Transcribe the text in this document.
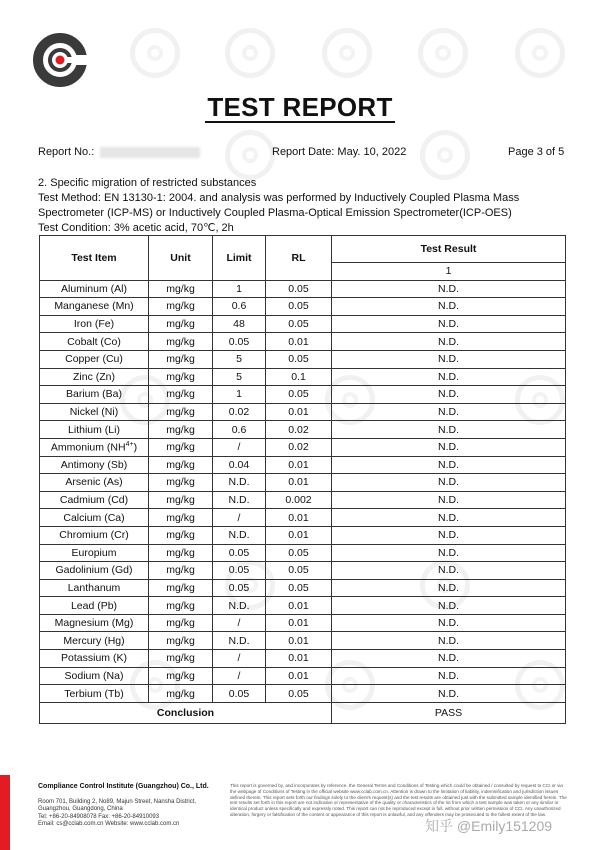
TEST REPORT
Report No.:	Report Date: May. 10, 2022	Page 3 of 5
2. Specific migration of restricted substances
Test Method: EN 13130-1: 2004. and analysis was performed by Inductively Coupled Plasma Mass Spectrometer (ICP-MS) or Inductively Coupled Plasma-Optical Emission Spectrometer(ICP-OES)
Test Condition: 3% acetic acid, 70℃, 2h
Test Item	Unit	Limit	RL	Test Result
				1
Aluminum (Al)	mg/kg	1	0.05	N.D.
Manganese (Mn)	mg/kg	0.6	0.05	N.D.
Iron (Fe)	mg/kg	48	0.05	N.D.
Cobalt (Co)	mg/kg	0.05	0.01	N.D.
Copper (Cu)	mg/kg	5	0.05	N.D.
Zinc (Zn)	mg/kg	5	0.1	N.D.
Barium (Ba)	mg/kg	1	0.05	N.D.
Nickel (Ni)	mg/kg	0.02	0.01	N.D.
Lithium (Li)	mg/kg	0.6	0.02	N.D.
Ammonium $(NH^{4+})$	mg/kg	/	0.02	N.D.
Antimony (Sb)	mg/kg	0.04	0.01	N.D.
Arsenic (As)	mg/kg	N.D.	0.01	N.D.
Cadmium (Cd)	mg/kg	N.D.	0.002	N.D.
Calcium (Ca)	mg/kg	/	0.01	N.D.
Chromium (Cr)	mg/kg	N.D.	0.01	N.D.
Europium	mg/kg	0.05	0.05	N.D.
Gadolinium (Gd)	mg/kg	0.05	0.05	N.D.
Lanthanum	mg/kg	0.05	0.05	N.D.
Lead (Pb)	mg/kg	N.D.	0.01	N.D.
Magnesium (Mg)	mg/kg	/	0.01	N.D.
Mercury (Hg)	mg/kg	N.D.	0.01	N.D.
Potassium (K)	mg/kg	/	0.01	N.D.
Sodium (Na)	mg/kg	/	0.01	N.D.
Terbium (Tb)	mg/kg	0.05	0.05	N.D.
Conclusion				PASS
Compliance Control Institute (Guangzhou) Co., Ltd.
Room 701, Building 2, No89, Majun Street, Nansha District, Guangzhou, Guangdong, China
Tel: +86-20-84908078 Fax: +86-20-84910093
Email: cs@cclab.com.cn Website: www.cclab.com.cn
This report is governed by, and incorporates by reference, the General Terms and Conditions of Testing which could be obtained / consulted by request to CCI or via the webpage of Conditions of Testing in the official website www.cclab.com.cn. Attention is drawn to the limitation of liability, indemnification and jurisdiction issues defined therein. This report sets forth our findings solely to the client's request(s) and the test results are obtained just with the submitted sample identified herein. The test results set forth in this report are not indicative or representative of the quality or characteristics of the lot from which a test sample was taken or any similar or identical product unless specifically and expressly noted. This report can not be reproduced except in full, without prior written permission of CCI. Any unauthorized alteration, forgery or falsification of the content or appearance of this report is unlawful, and any offenders may be prosecuted to the fullest extent of the law.
知乎 @Emily151209
